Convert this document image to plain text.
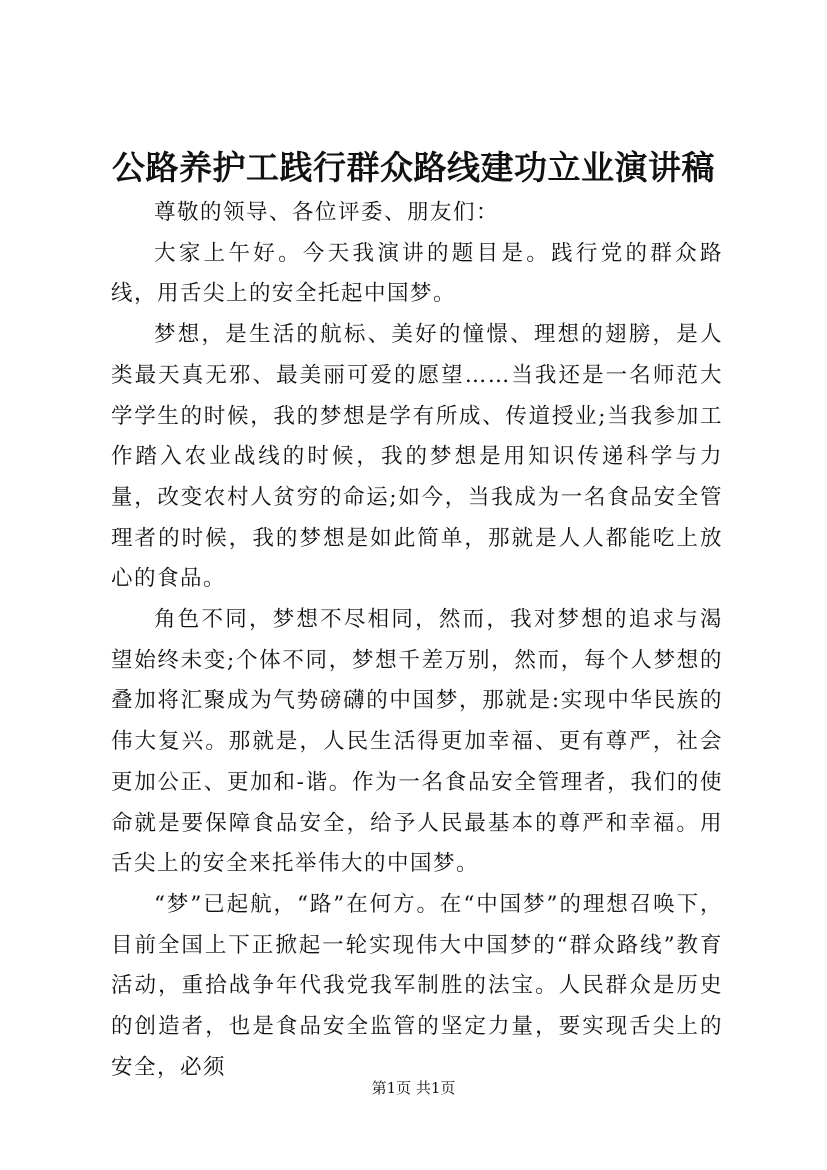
公路养护工践行群众路线建功立业演讲稿

尊敬的领导、各位评委、朋友们：

大家上午好。今天我演讲的题目是。践行党的群众路线，用舌尖上的安全托起中国梦。

梦想，是生活的航标、美好的憧憬、理想的翅膀，是人类最天真无邪、最美丽可爱的愿望……当我还是一名师范大学学生的时候，我的梦想是学有所成、传道授业;当我参加工作踏入农业战线的时候，我的梦想是用知识传递科学与力量，改变农村人贫穷的命运;如今，当我成为一名食品安全管理者的时候，我的梦想是如此简单，那就是人人都能吃上放心的食品。

角色不同，梦想不尽相同，然而，我对梦想的追求与渴望始终未变;个体不同，梦想千差万别，然而，每个人梦想的叠加将汇聚成为气势磅礴的中国梦，那就是:实现中华民族的伟大复兴。那就是，人民生活得更加幸福、更有尊严，社会更加公正、更加和-谐。作为一名食品安全管理者，我们的使命就是要保障食品安全，给予人民最基本的尊严和幸福。用舌尖上的安全来托举伟大的中国梦。

“梦”已起航，“路”在何方。在“中国梦”的理想召唤下，目前全国上下正掀起一轮实现伟大中国梦的“群众路线”教育活动，重拾战争年代我党我军制胜的法宝。人民群众是历史的创造者，也是食品安全监管的坚定力量，要实现舌尖上的安全，必须

第1页 共1页
